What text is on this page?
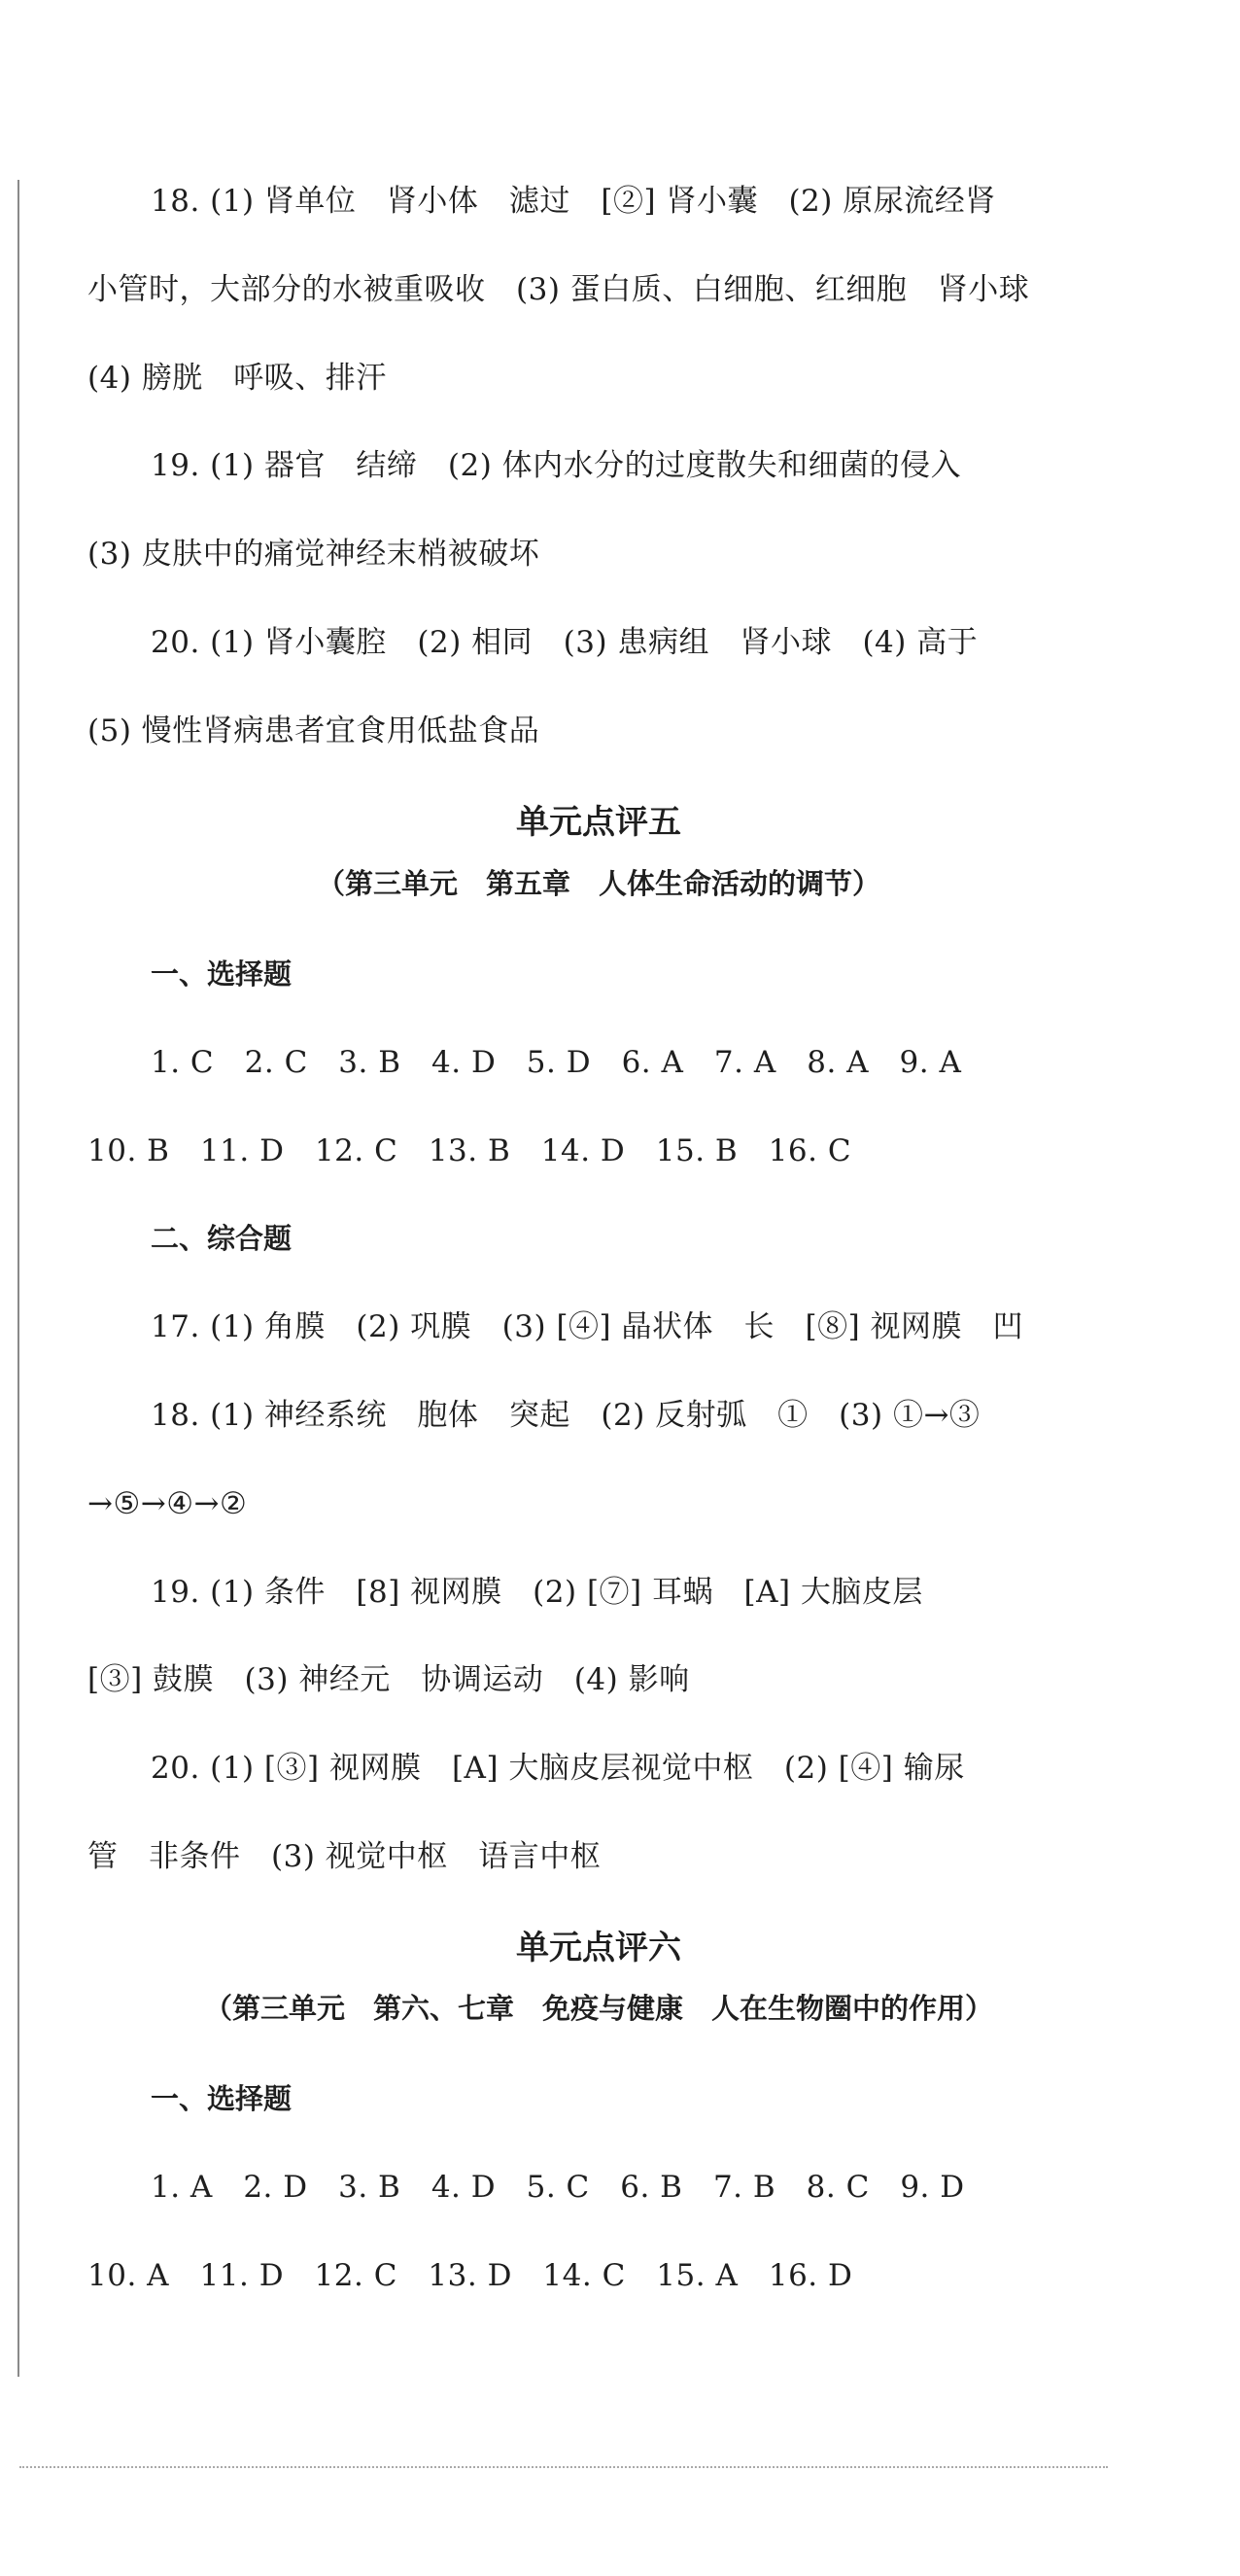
18. (1) 肾单位　肾小体　滤过　[②] 肾小囊　(2) 原尿流经肾
小管时，大部分的水被重吸收　(3) 蛋白质、白细胞、红细胞　肾小球
(4) 膀胱　呼吸、排汗
19. (1) 器官　结缔　(2) 体内水分的过度散失和细菌的侵入
(3) 皮肤中的痛觉神经末梢被破坏
20. (1) 肾小囊腔　(2) 相同　(3) 患病组　肾小球　(4) 高于
(5) 慢性肾病患者宜食用低盐食品
单元点评五
（第三单元　第五章　人体生命活动的调节）
一、选择题
1. C　2. C　3. B　4. D　5. D　6. A　7. A　8. A　9. A
10. B　11. D　12. C　13. B　14. D　15. B　16. C
二、综合题
17. (1) 角膜　(2) 巩膜　(3) [④] 晶状体　长　[⑧] 视网膜　凹
18. (1) 神经系统　胞体　突起　(2) 反射弧　①　(3) ①→③
→⑤→④→②
19. (1) 条件　[8] 视网膜　(2) [⑦] 耳蜗　[A] 大脑皮层
[③] 鼓膜　(3) 神经元　协调运动　(4) 影响
20. (1) [③] 视网膜　[A] 大脑皮层视觉中枢　(2) [④] 输尿
管　非条件　(3) 视觉中枢　语言中枢
单元点评六
（第三单元　第六、七章　免疫与健康　人在生物圈中的作用）
一、选择题
1. A　2. D　3. B　4. D　5. C　6. B　7. B　8. C　9. D
10. A　11. D　12. C　13. D　14. C　15. A　16. D
